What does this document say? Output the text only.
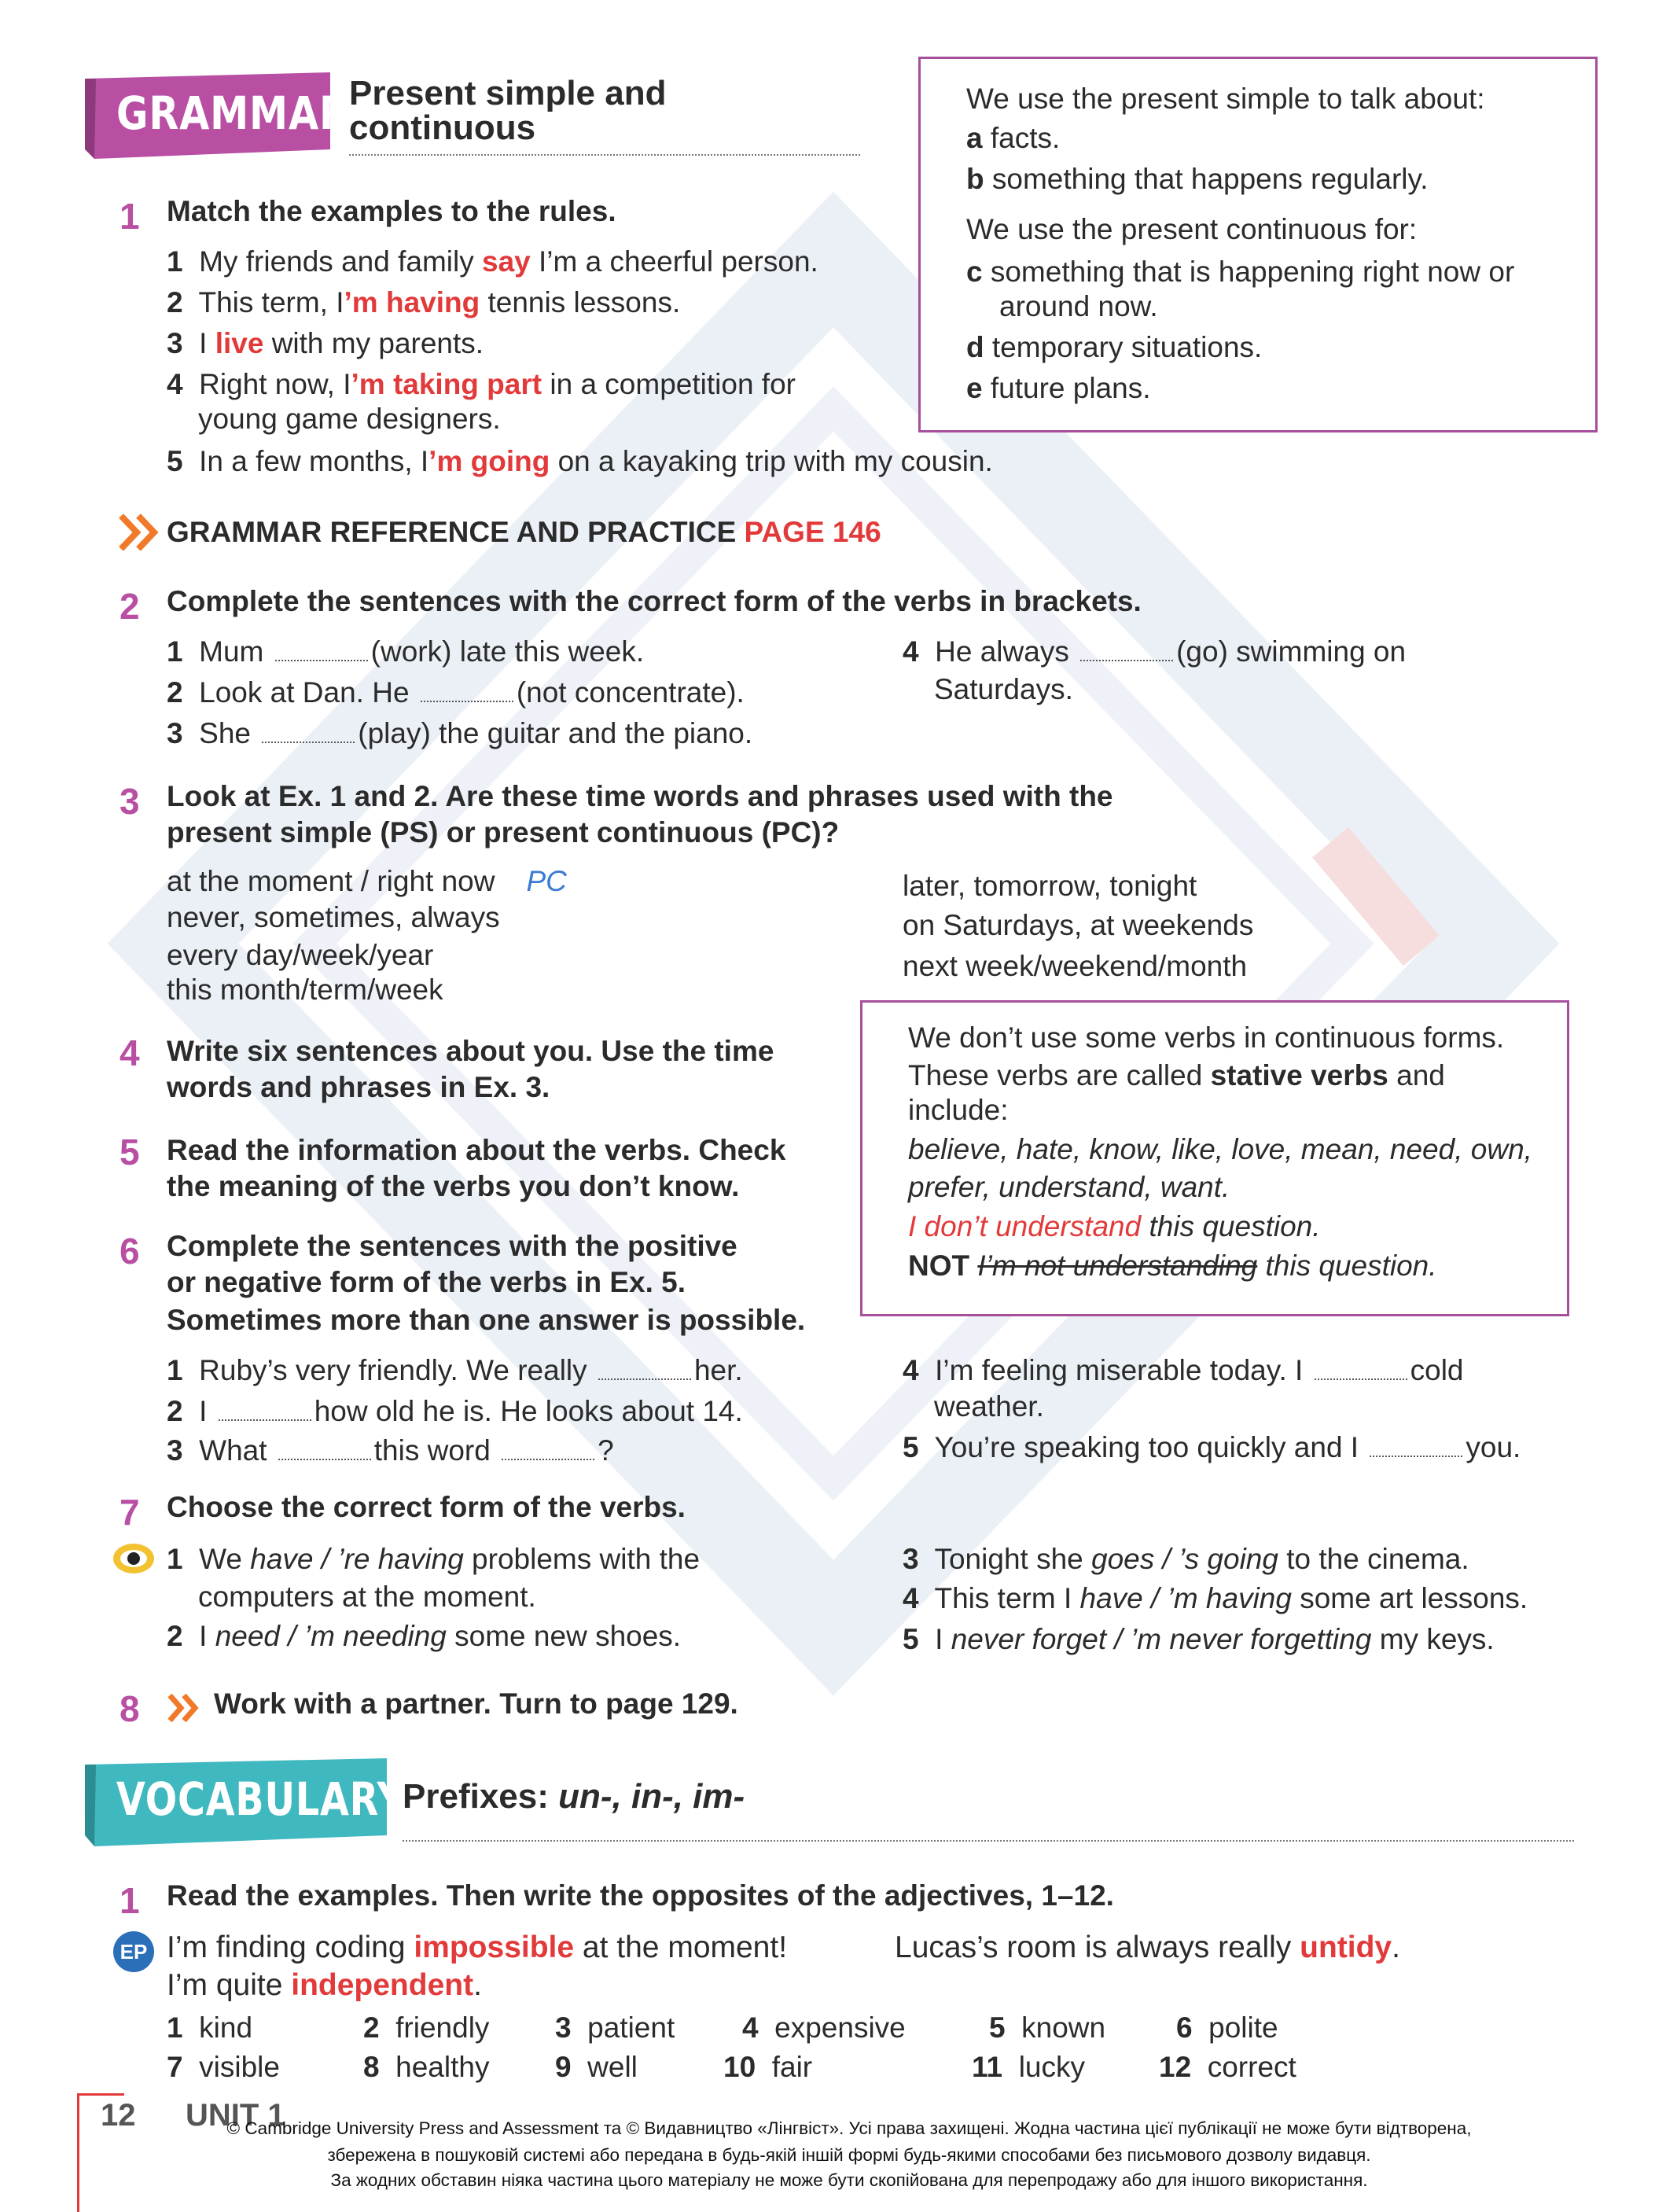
GRAMMAR Present simple and
continuous
We use the present simple to talk about:
a facts.
b something that happens regularly.
We use the present continuous for:
c something that is happening right now or
around now.
d temporary situations.
e future plans.
1 Match the examples to the rules.
1 My friends and family say I’m a cheerful person.
2 This term, I’m having tennis lessons.
3 I live with my parents.
4 Right now, I’m taking part in a competition for
young game designers.
5 In a few months, I’m going on a kayaking trip with my cousin.
GRAMMAR REFERENCE AND PRACTICE PAGE 146
2 Complete the sentences with the correct form of the verbs in brackets.
1 Mum	(work) late this week.
2 Look at Dan. He	(not concentrate).
3 She	(play) the guitar and the piano.
4 He always	(go) swimming on
Saturdays.
3 Look at Ex. 1 and 2. Are these time words and phrases used with the
present simple (PS) or present continuous (PC)?
at the moment / right now PC
never, sometimes, always
every day/week/year
this month/term/week
later, tomorrow, tonight
on Saturdays, at weekends
next week/weekend/month
We don’t use some verbs in continuous forms.
These verbs are called stative verbs and
include:
believe, hate, know, like, love, mean, need, own,
prefer, understand, want.
I don’t understand this question.
NOT I’m not understanding this question.
4 Write six sentences about you. Use the time
words and phrases in Ex. 3.
5 Read the information about the verbs. Check
the meaning of the verbs you don’t know.
6 Complete the sentences with the positive
or negative form of the verbs in Ex. 5.
Sometimes more than one answer is possible.
1 Ruby’s very friendly. We really	her.
2 I	how old he is. He looks about 14.
3 What	this word	?
4 I’m feeling miserable today. I	cold
weather.
5 You’re speaking too quickly and I	you.
7 Choose the correct form of the verbs.
1 We have / ’re having problems with the
computers at the moment.
2 I need / ’m needing some new shoes.
3 Tonight she goes / ’s going to the cinema.
4 This term I have / ’m having some art lessons.
5 I never forget / ’m never forgetting my keys.
8	Work with a partner. Turn to page 129.
VOCABULARY
Prefixes: un-, in-, im-
1 Read the examples. Then write the opposites of the adjectives, 1–12.
EP I’m finding coding impossible at the moment!	Lucas’s room is always really untidy.
I’m quite independent.
1 kind	2 friendly 3 patient 4 expensive	5 known 6 polite
7 visible	8 healthy 9 well	10 fair	11 lucky	12 correct
12 UNIT 1
© Cambridge University Press and Assessment та © Видавництво «Лінгвіст». Усі права захищені. Жодна частина цієї публікації не може бути відтворена,
збережена в пошуковій системі або передана в будь-якій іншій формі будь-якими способами без письмового дозволу видавця.
За жодних обставин ніяка частина цього матеріалу не може бути скопійована для перепродажу або для іншого використання.
